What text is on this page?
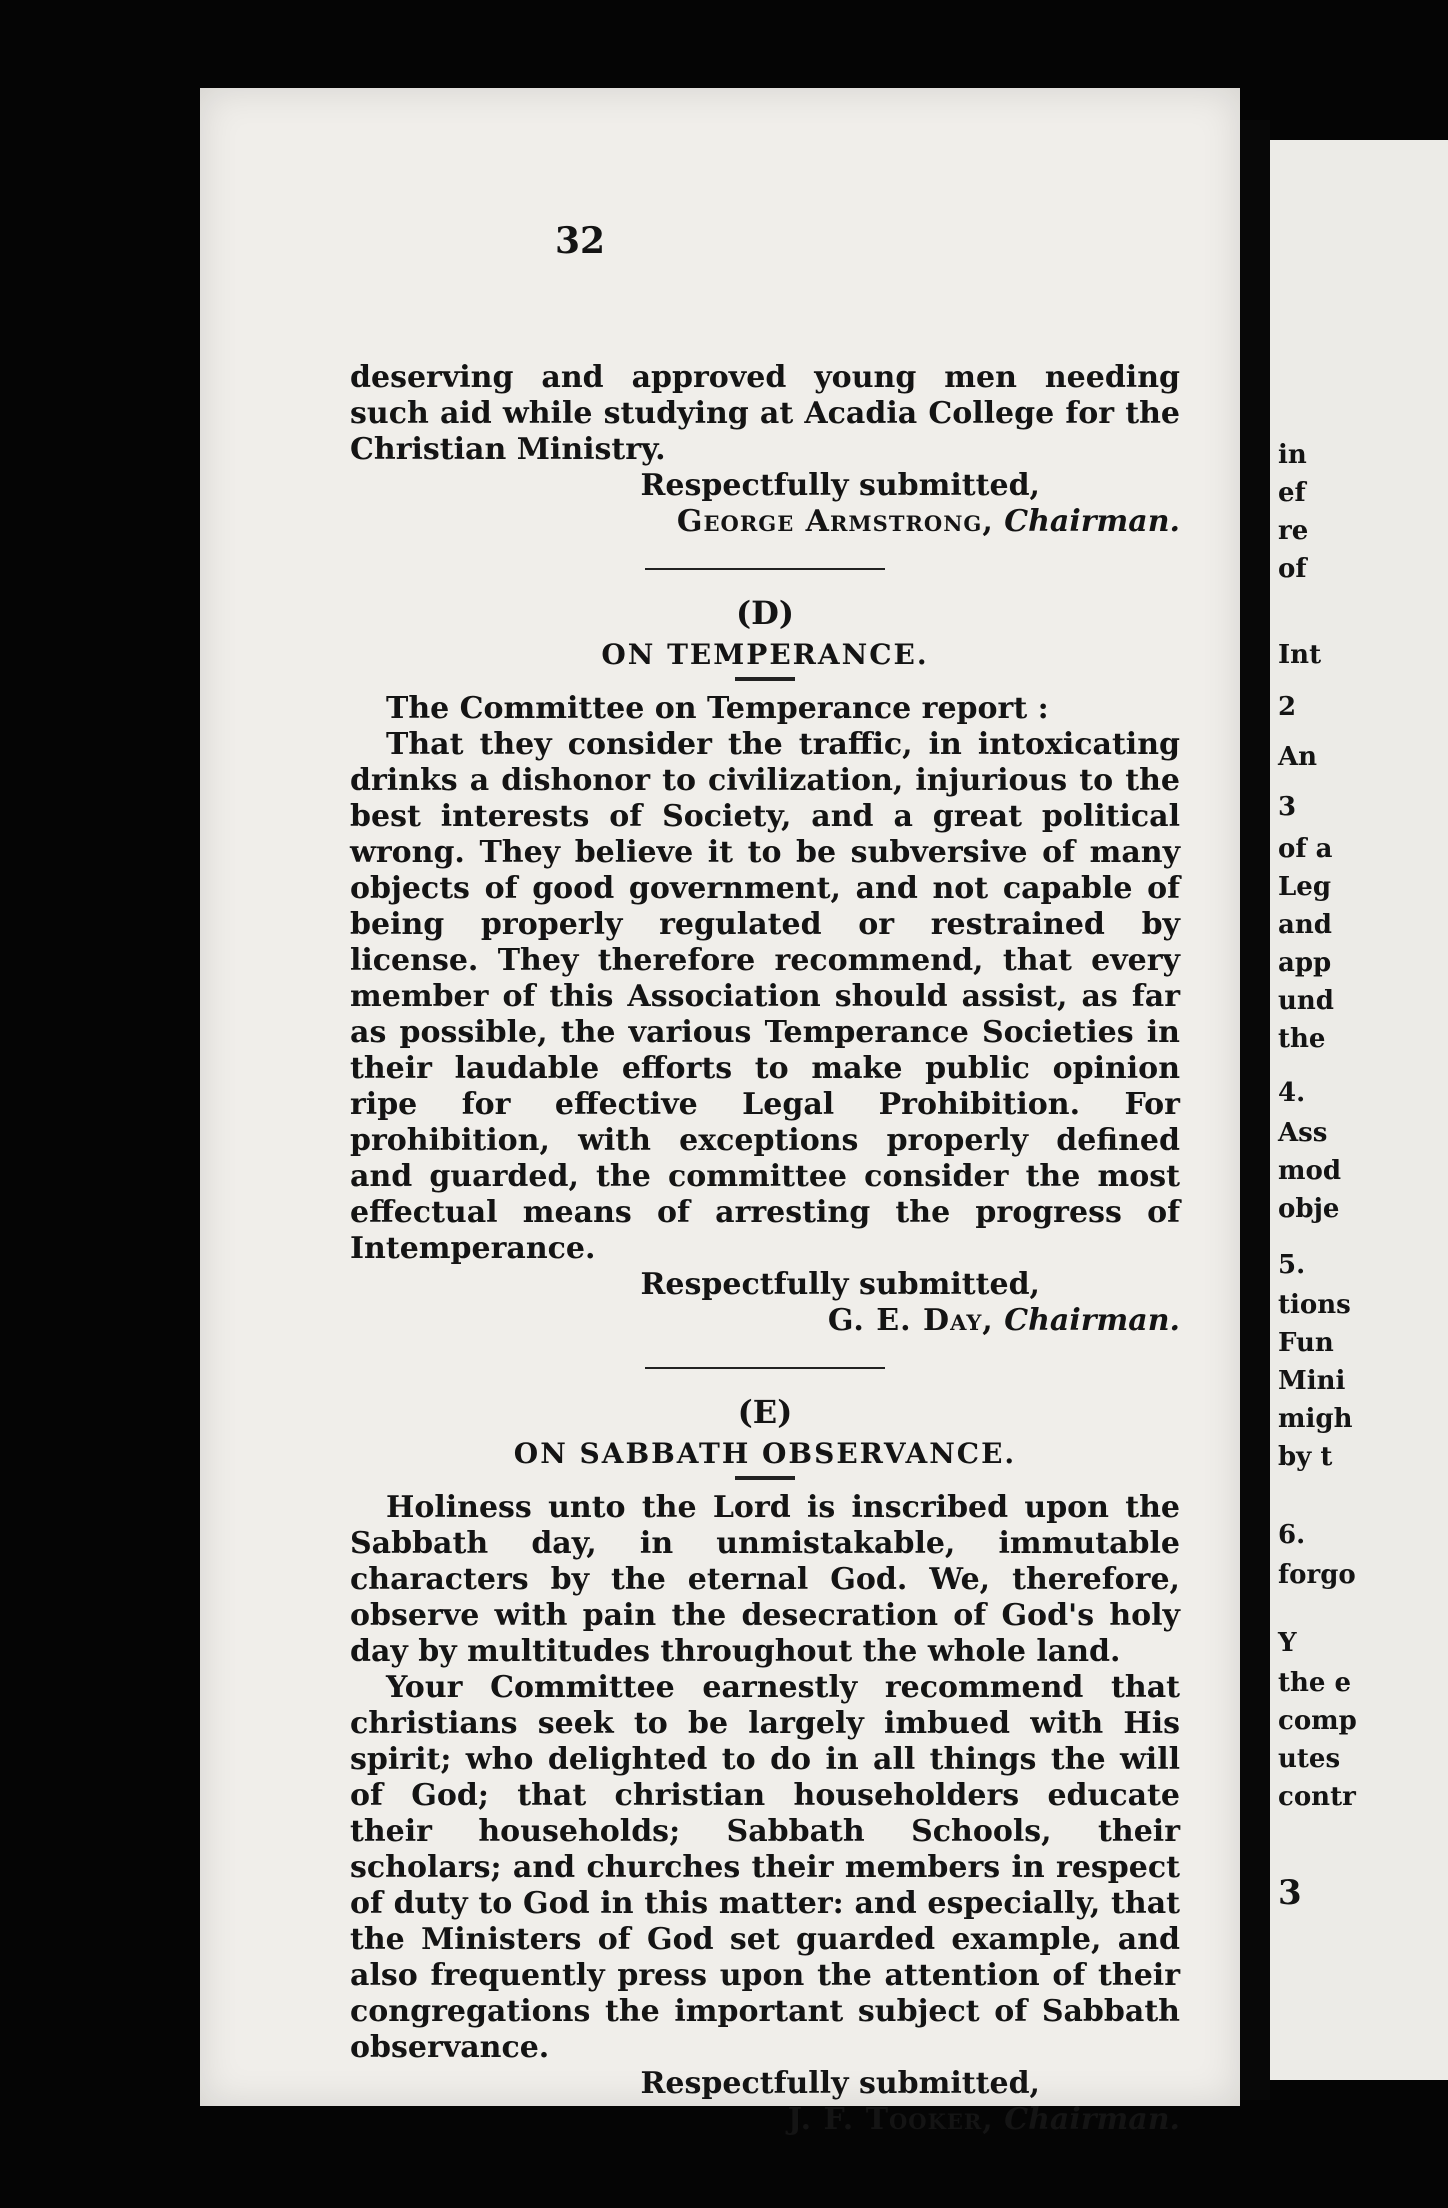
32

deserving and approved young men needing such aid while studying at Acadia College for the Christian Ministry.

Respectfully submitted,

George Armstrong, Chairman.

(D)

ON TEMPERANCE.

The Committee on Temperance report :

That they consider the traffic, in intoxicating drinks a dishonor to civilization, injurious to the best interests of Society, and a great political wrong. They believe it to be subversive of many objects of good government, and not capable of being properly regulated or restrained by license. They therefore recommend, that every member of this Association should assist, as far as possible, the various Temperance Societies in their laudable efforts to make public opinion ripe for effective Legal Prohibition. For prohibition, with exceptions properly defined and guarded, the committee consider the most effectual means of arresting the progress of Intemperance.

Respectfully submitted,

G. E. Day, Chairman.

(E)

ON SABBATH OBSERVANCE.

Holiness unto the Lord is inscribed upon the Sabbath day, in unmistakable, immutable characters by the eternal God. We, therefore, observe with pain the desecration of God's holy day by multitudes throughout the whole land.

Your Committee earnestly recommend that christians seek to be largely imbued with His spirit; who delighted to do in all things the will of God; that christian householders educate their households; Sabbath Schools, their scholars; and churches their members in respect of duty to God in this matter: and especially, that the Ministers of God set guarded example, and also frequently press upon the attention of their congregations the important subject of Sabbath observance.

Respectfully submitted,

J. F. Tooker, Chairman.

in
ef
re
of
Int
2
An
3
of a
Leg
and
app
und
the
4.
Ass
mod
obje
5.
tions
Fun
Mini
migh
by t
6.
forgo
Y
the e
comp
utes
contr
3
